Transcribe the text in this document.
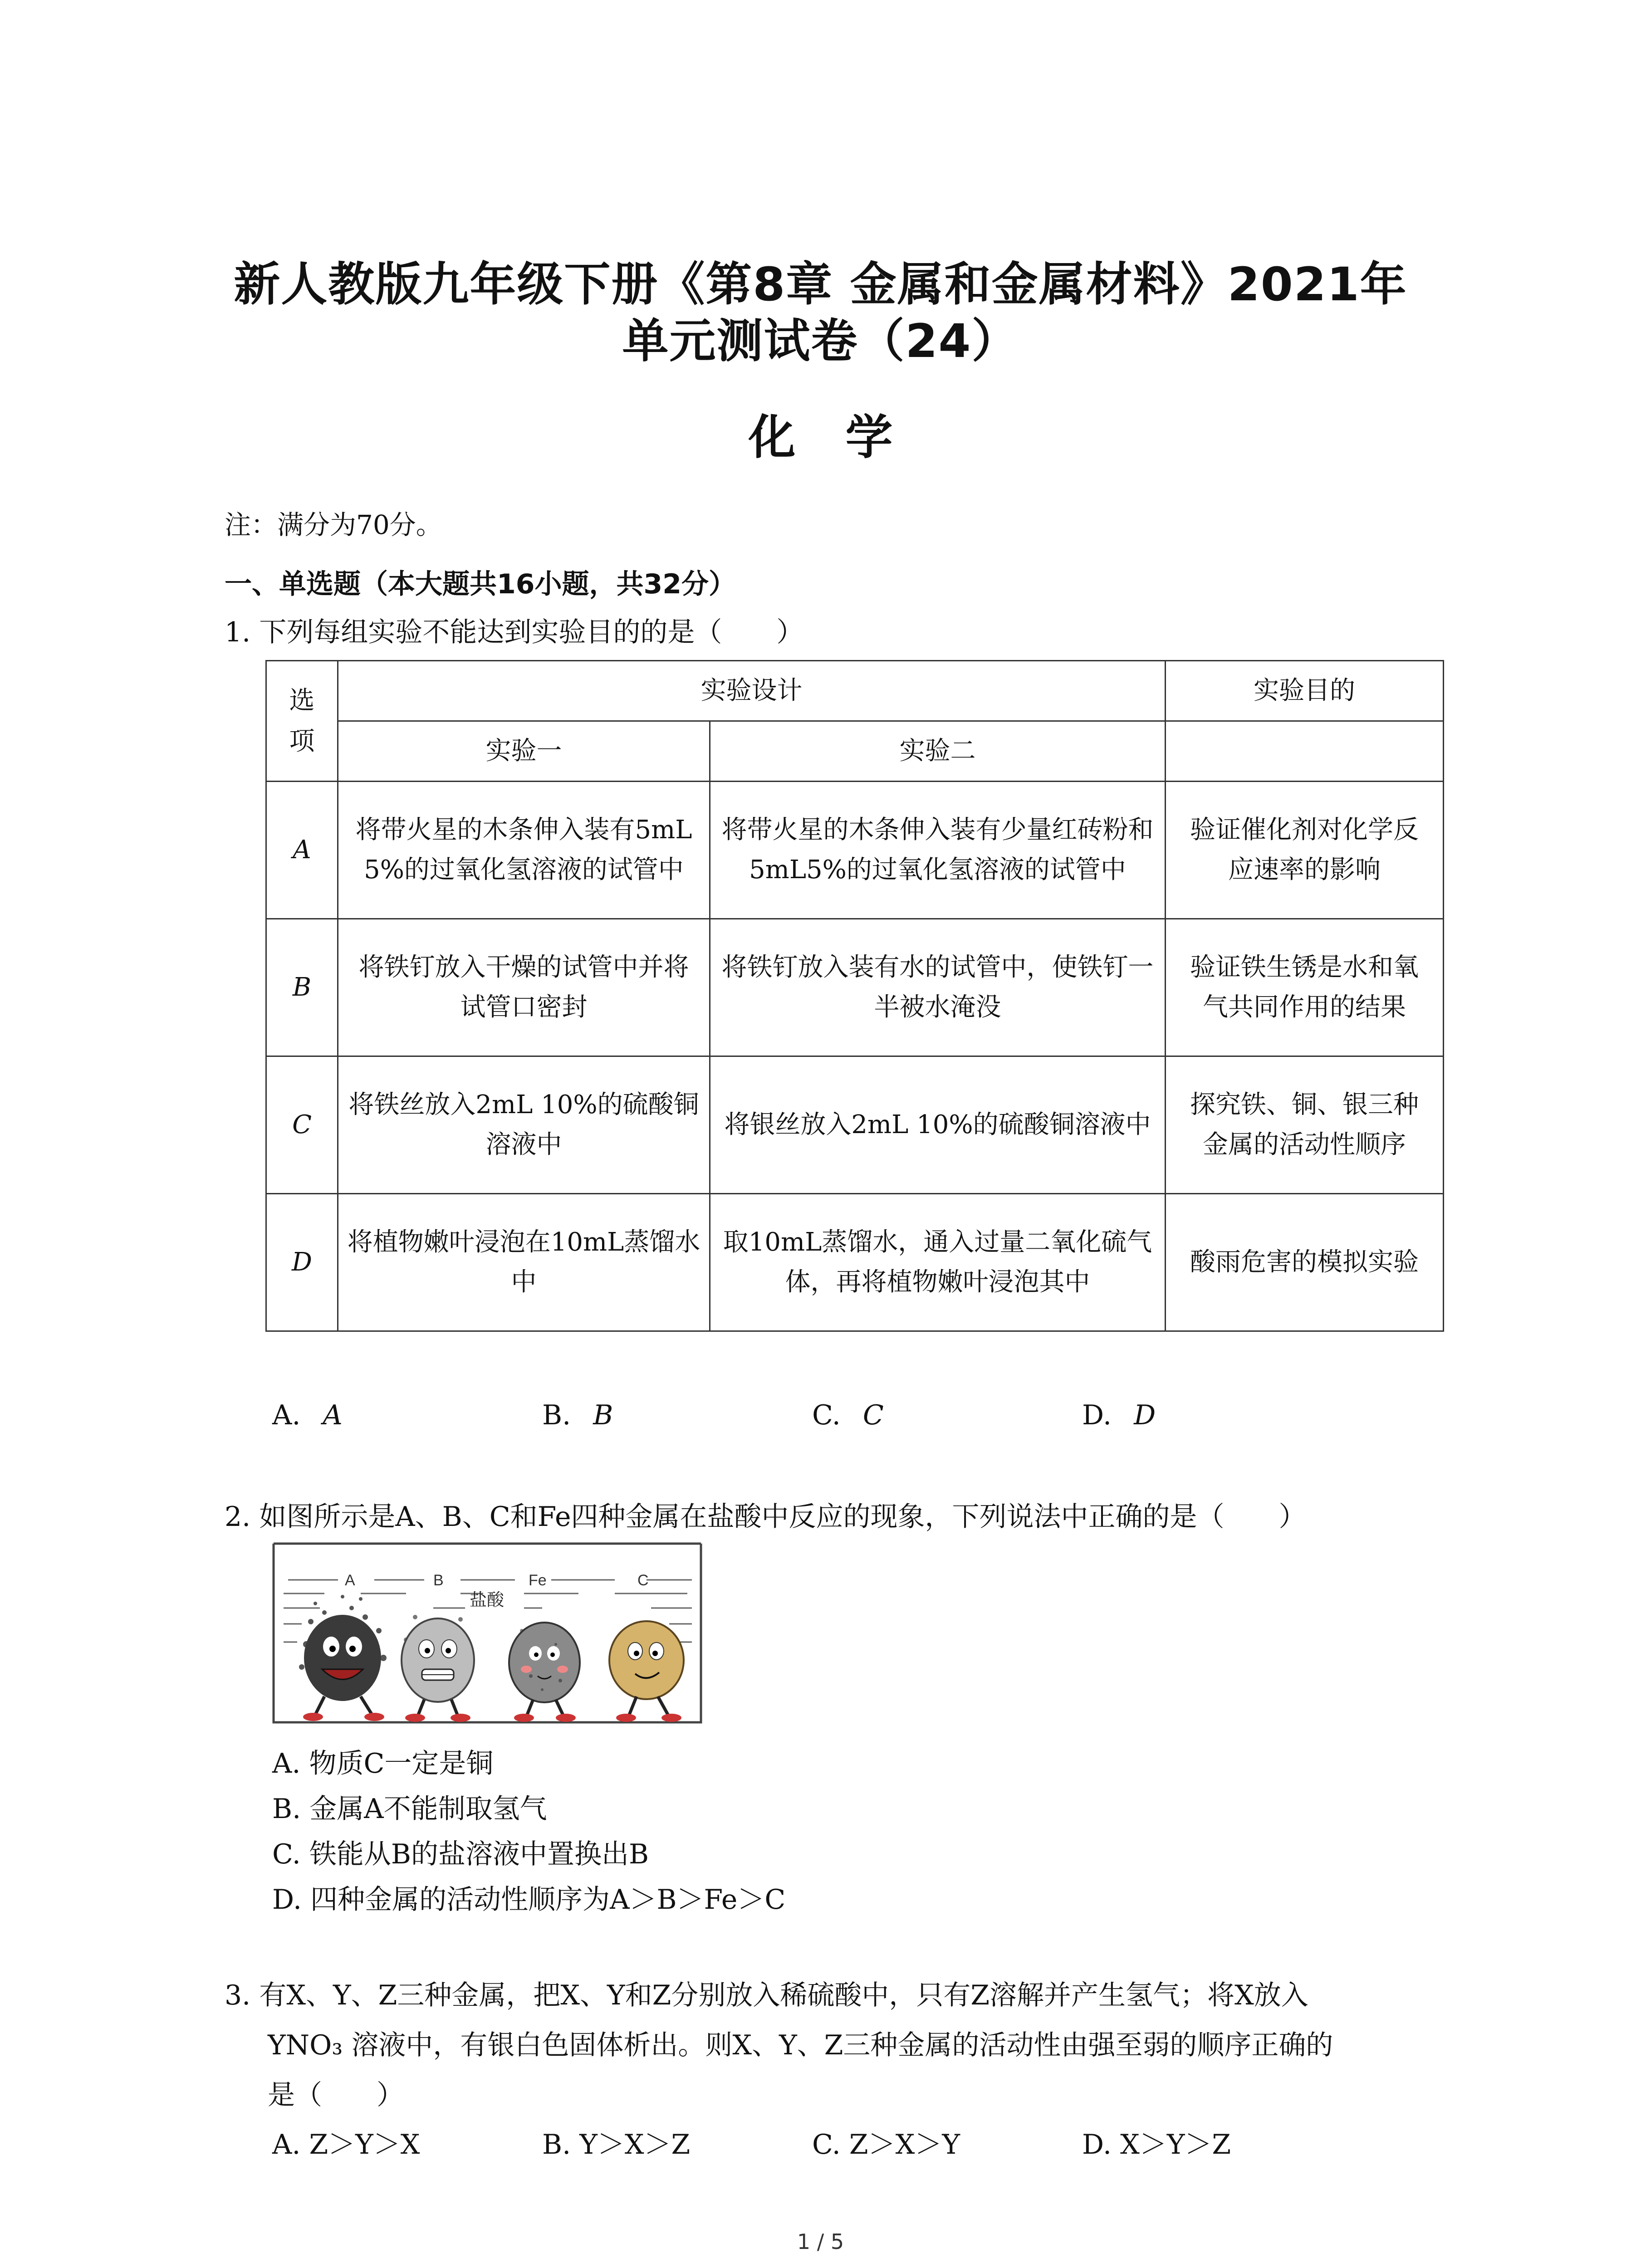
新人教版九年级下册《第8章 金属和金属材料》2021年
单元测试卷（24）
化学
注：满分为70分。
一、单选题（本大题共16小题，共32分）
1. 下列每组实验不能达到实验目的的是（　　）
选项	实验设计		实验目的
	实验一	实验二	
A	将带火星的木条伸入装有5mL 5%的过氧化氢溶液的试管中	将带火星的木条伸入装有少量红砖粉和5mL5%的过氧化氢溶液的试管中	验证催化剂对化学反应速率的影响
B	将铁钉放入干燥的试管中并将试管口密封	将铁钉放入装有水的试管中，使铁钉一半被水淹没	验证铁生锈是水和氧气共同作用的结果
C	将铁丝放入2mL 10%的硫酸铜溶液中	将银丝放入2mL 10%的硫酸铜溶液中	探究铁、铜、银三种金属的活动性顺序
D	将植物嫩叶浸泡在10mL蒸馏水中	取10mL蒸馏水，通入过量二氧化硫气体，再将植物嫩叶浸泡其中	酸雨危害的模拟实验
A. A	B. B	C. C	D. D
2. 如图所示是A、B、C和Fe四种金属在盐酸中反应的现象，下列说法中正确的是（　　）
A	B	Fe	C
盐酸
A. 物质C一定是铜
B. 金属A不能制取氢气
C. 铁能从B的盐溶液中置换出B
D. 四种金属的活动性顺序为A＞B＞Fe＞C
3. 有X、Y、Z三种金属，把X、Y和Z分别放入稀硫酸中，只有Z溶解并产生氢气；将X放入
YNO₃ 溶液中，有银白色固体析出。则X、Y、Z三种金属的活动性由强至弱的顺序正确的
是（　　）
A. Z＞Y＞X	B. Y＞X＞Z	C. Z＞X＞Y	D. X＞Y＞Z
1 / 5
